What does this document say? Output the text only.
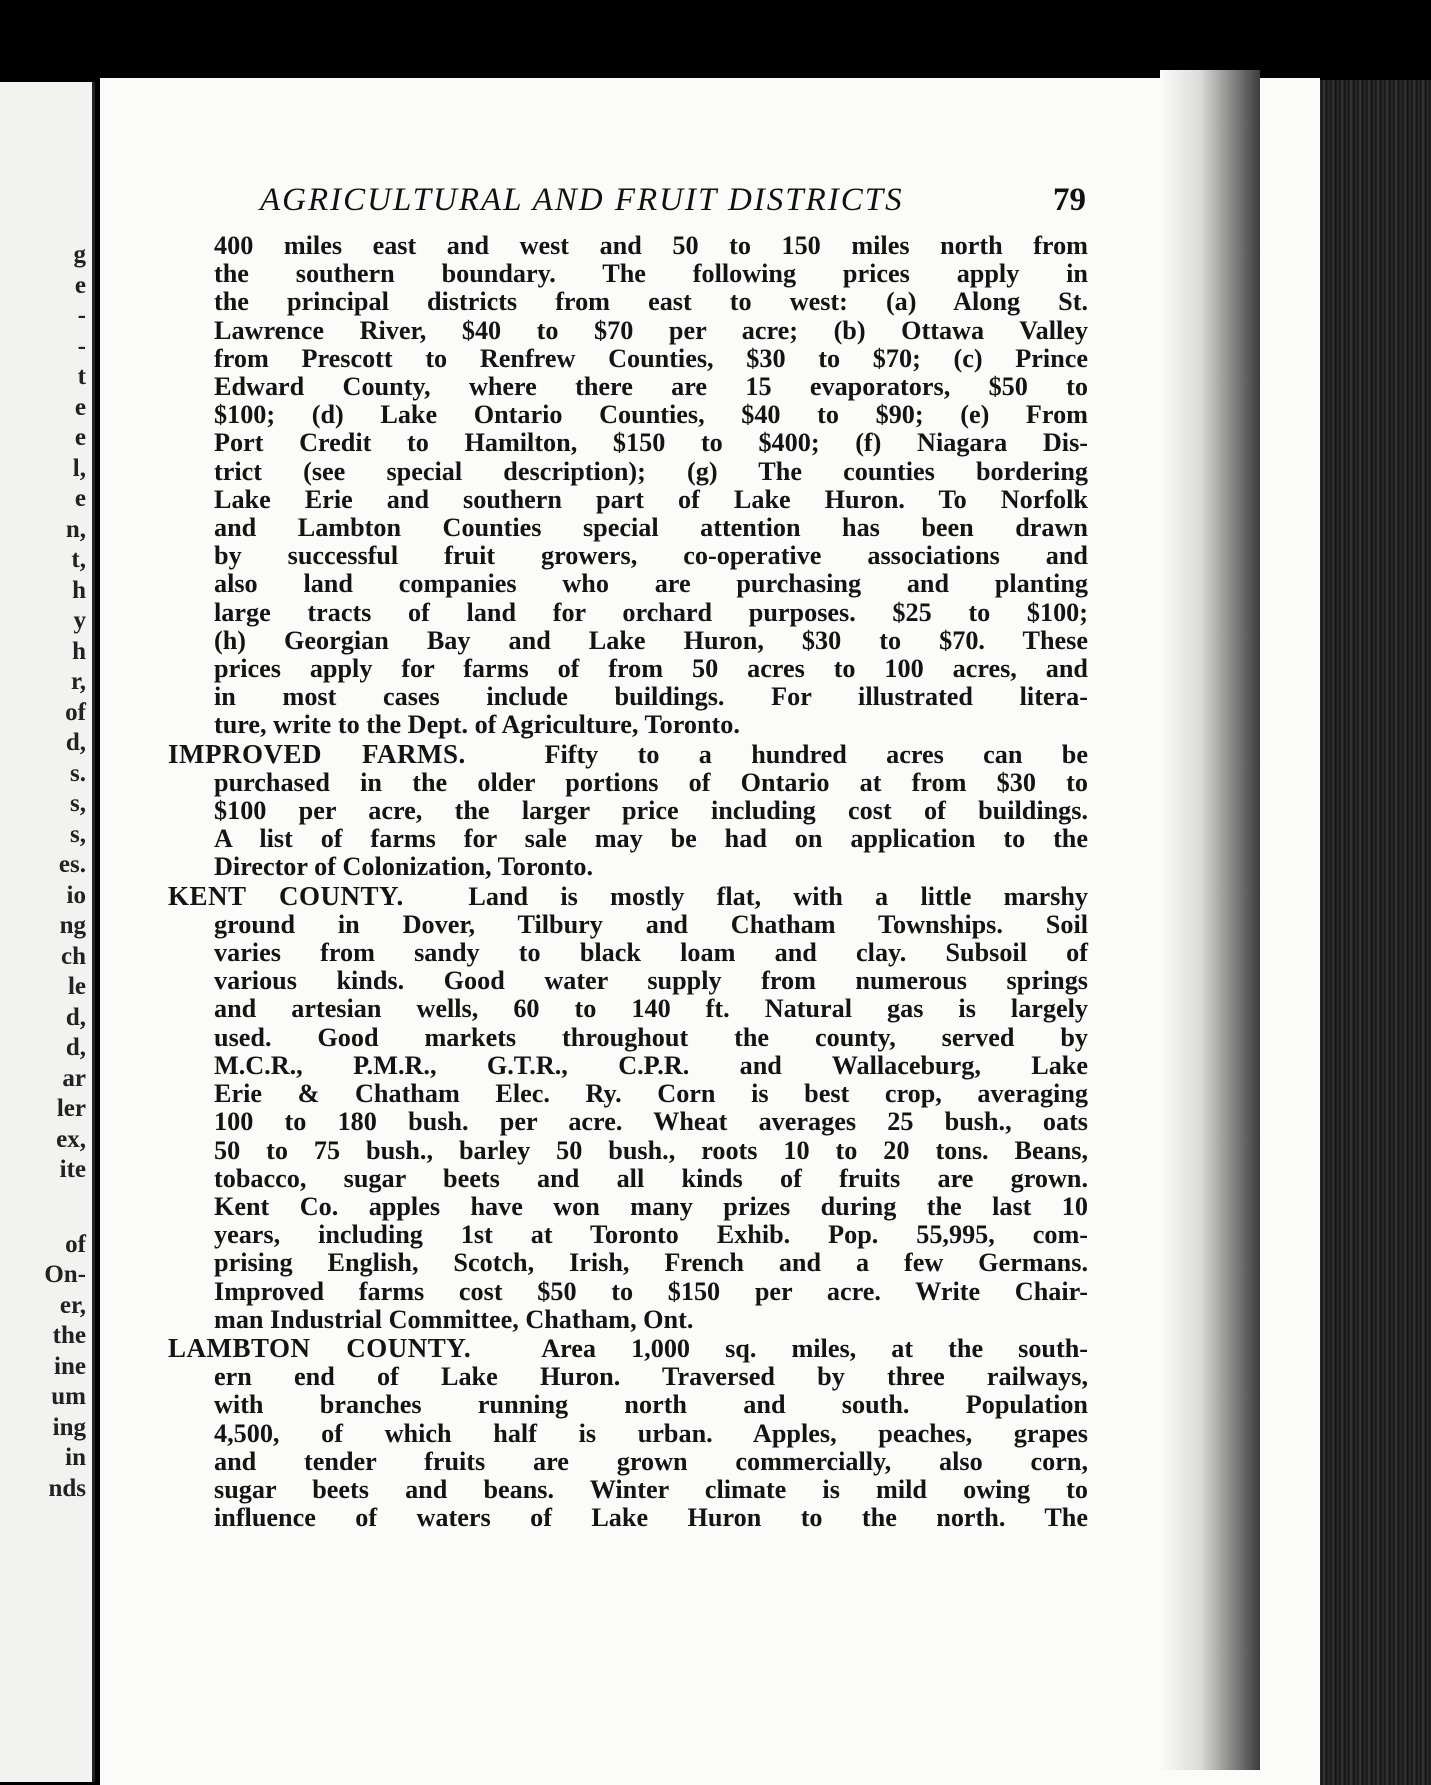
g
e
-
-
t
e
e
l,
e
n,
t,
h
y
h
r,
of
d,
s.
s,
s,
es.
io
ng
ch
le
d,
d,
ar
ler
ex,
ite
of
On-
er,
the
ine
um
ing
in
nds
AGRICULTURAL AND FRUIT DISTRICTS	79
400 miles east and west and 50 to 150 miles north from
the southern boundary. The following prices apply in
the principal districts from east to west: (a) Along St.
Lawrence River, $40 to $70 per acre; (b) Ottawa Valley
from Prescott to Renfrew Counties, $30 to $70; (c) Prince
Edward County, where there are 15 evaporators, $50 to
$100; (d) Lake Ontario Counties, $40 to $90; (e) From
Port Credit to Hamilton, $150 to $400; (f) Niagara Dis-
trict (see special description); (g) The counties bordering
Lake Erie and southern part of Lake Huron. To Norfolk
and Lambton Counties special attention has been drawn
by successful fruit growers, co-operative associations and
also land companies who are purchasing and planting
large tracts of land for orchard purposes. $25 to $100;
(h) Georgian Bay and Lake Huron, $30 to $70. These
prices apply for farms of from 50 acres to 100 acres, and
in most cases include buildings. For illustrated litera-
ture, write to the Dept. of Agriculture, Toronto.
IMPROVED FARMS.	Fifty to a hundred acres can be
purchased in the older portions of Ontario at from $30 to
$100 per acre, the larger price including cost of buildings.
A list of farms for sale may be had on application to the
Director of Colonization, Toronto.
KENT COUNTY. Land is mostly flat, with a little marshy
ground in Dover, Tilbury and Chatham Townships. Soil
varies from sandy to black loam and clay. Subsoil of
various kinds. Good water supply from numerous springs
and artesian wells, 60 to 140 ft. Natural gas is largely
used. Good markets throughout the county, served by
M.C.R., P.M.R., G.T.R., C.P.R. and Wallaceburg, Lake
Erie & Chatham Elec. Ry. Corn is best crop, averaging
100 to 180 bush. per acre. Wheat averages 25 bush., oats
50 to 75 bush., barley 50 bush., roots 10 to 20 tons. Beans,
tobacco, sugar beets and all kinds of fruits are grown.
Kent Co. apples have won many prizes during the last 10
years, including 1st at Toronto Exhib. Pop. 55,995, com-
prising English, Scotch, Irish, French and a few Germans.
Improved farms cost $50 to $150 per acre. Write Chair-
man Industrial Committee, Chatham, Ont.
LAMBTON COUNTY.	Area 1,000 sq. miles, at the south-
ern end of Lake Huron. Traversed by three railways,
with branches running north and south. Population
4,500, of which half is urban. Apples, peaches, grapes
and tender fruits are grown commercially, also corn,
sugar beets and beans. Winter climate is mild owing to
influence of waters of Lake Huron to the north. The
